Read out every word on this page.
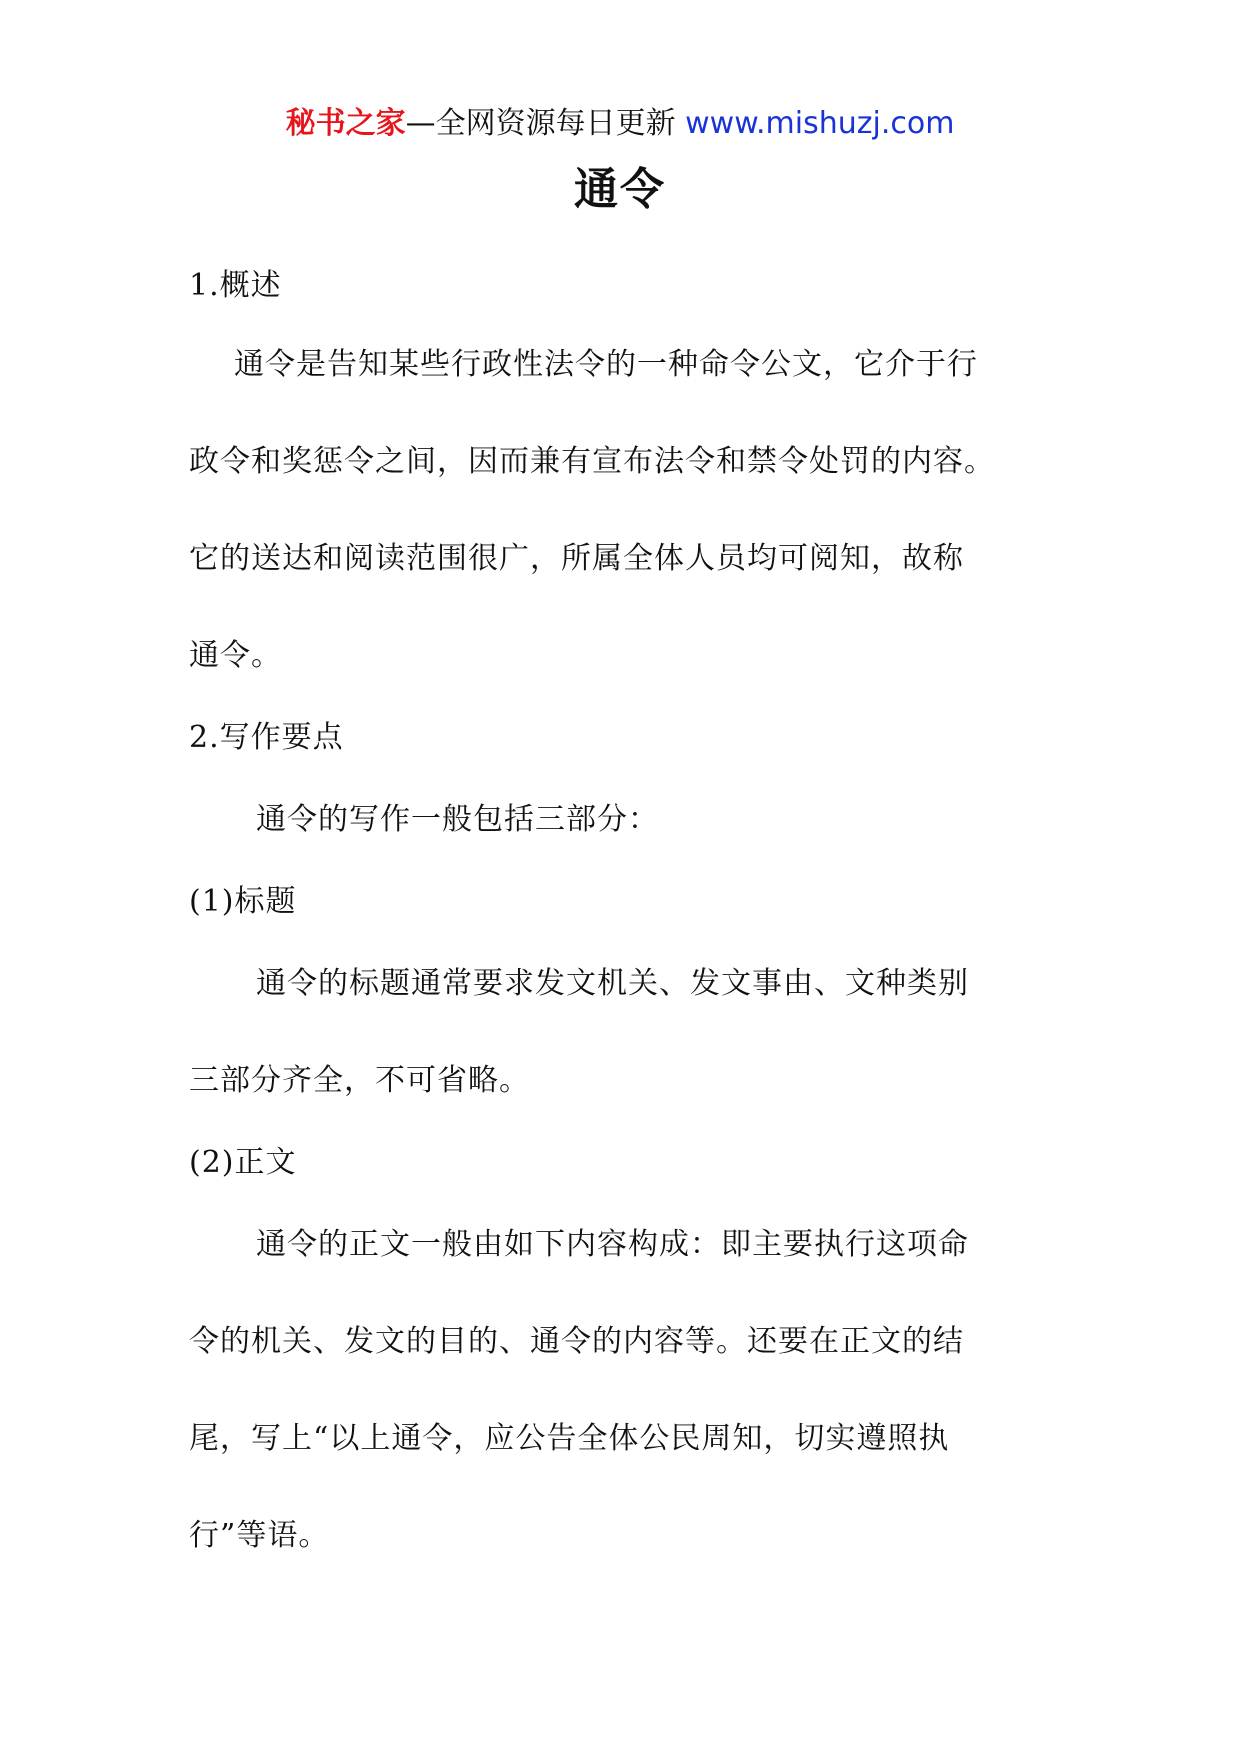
秘书之家—全网资源每日更新 www.mishuzj.com
通令
1.概述
通令是告知某些行政性法令的一种命令公文，它介于行
政令和奖惩令之间，因而兼有宣布法令和禁令处罚的内容。
它的送达和阅读范围很广，所属全体人员均可阅知，故称
通令。
2.写作要点
通令的写作一般包括三部分：
(1)标题
通令的标题通常要求发文机关、发文事由、文种类别
三部分齐全，不可省略。
(2)正文
通令的正文一般由如下内容构成：即主要执行这项命
令的机关、发文的目的、通令的内容等。还要在正文的结
尾，写上“以上通令，应公告全体公民周知，切实遵照执
行”等语。
